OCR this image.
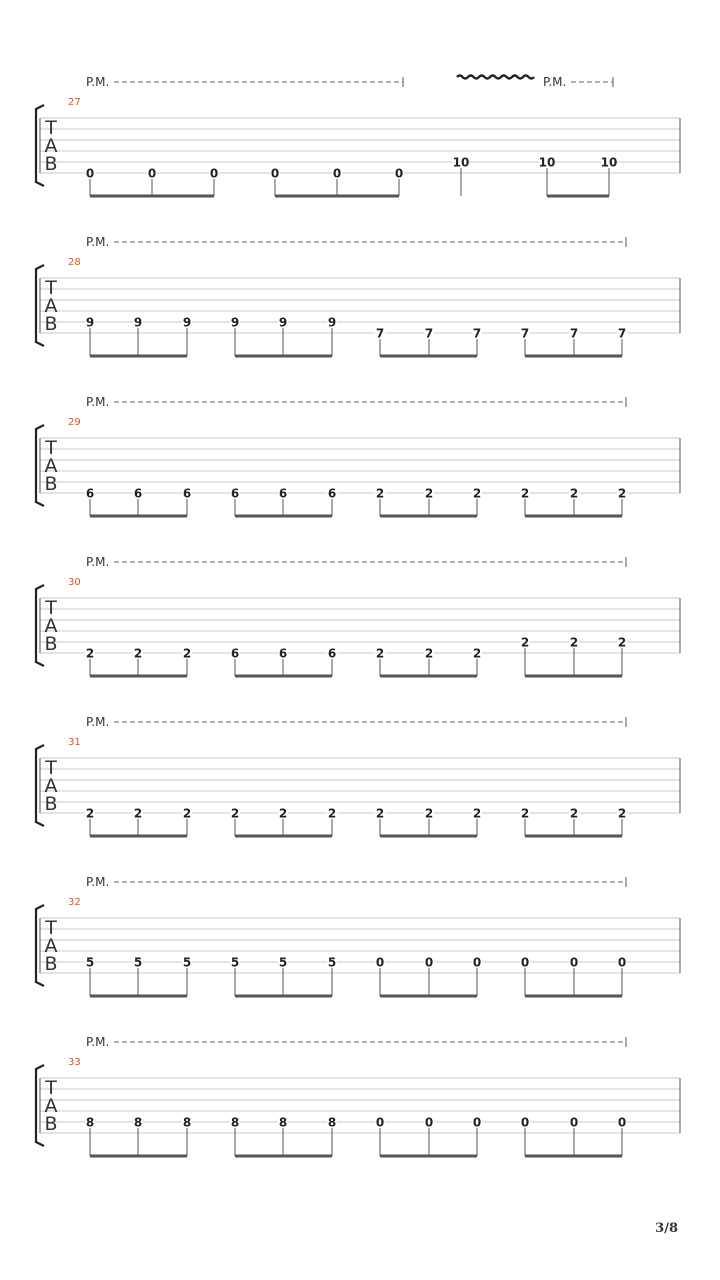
T
A
B
27
P.M.	P.M.
0	0	0	0	0	0
10	10	10
T
A
B
28
P.M.
9	9	9	9	9	9
7	7	7	7	7	7
T
A
B
29
P.M.
6	6	6	6	6	6	2	2	2	2	2	2
T
A
B
30
P.M.
2	2	2	6	6	6	2	2	2
2	2	2
T
A
B
31
P.M.
2	2	2	2	2	2	2	2	2	2	2	2
T
A
B
32
P.M.
5	5	5	5	5	5	0	0	0	0	0	0
T
A
B
33
P.M.
8	8	8	8	8	8	0	0	0	0	0	0
3/8
